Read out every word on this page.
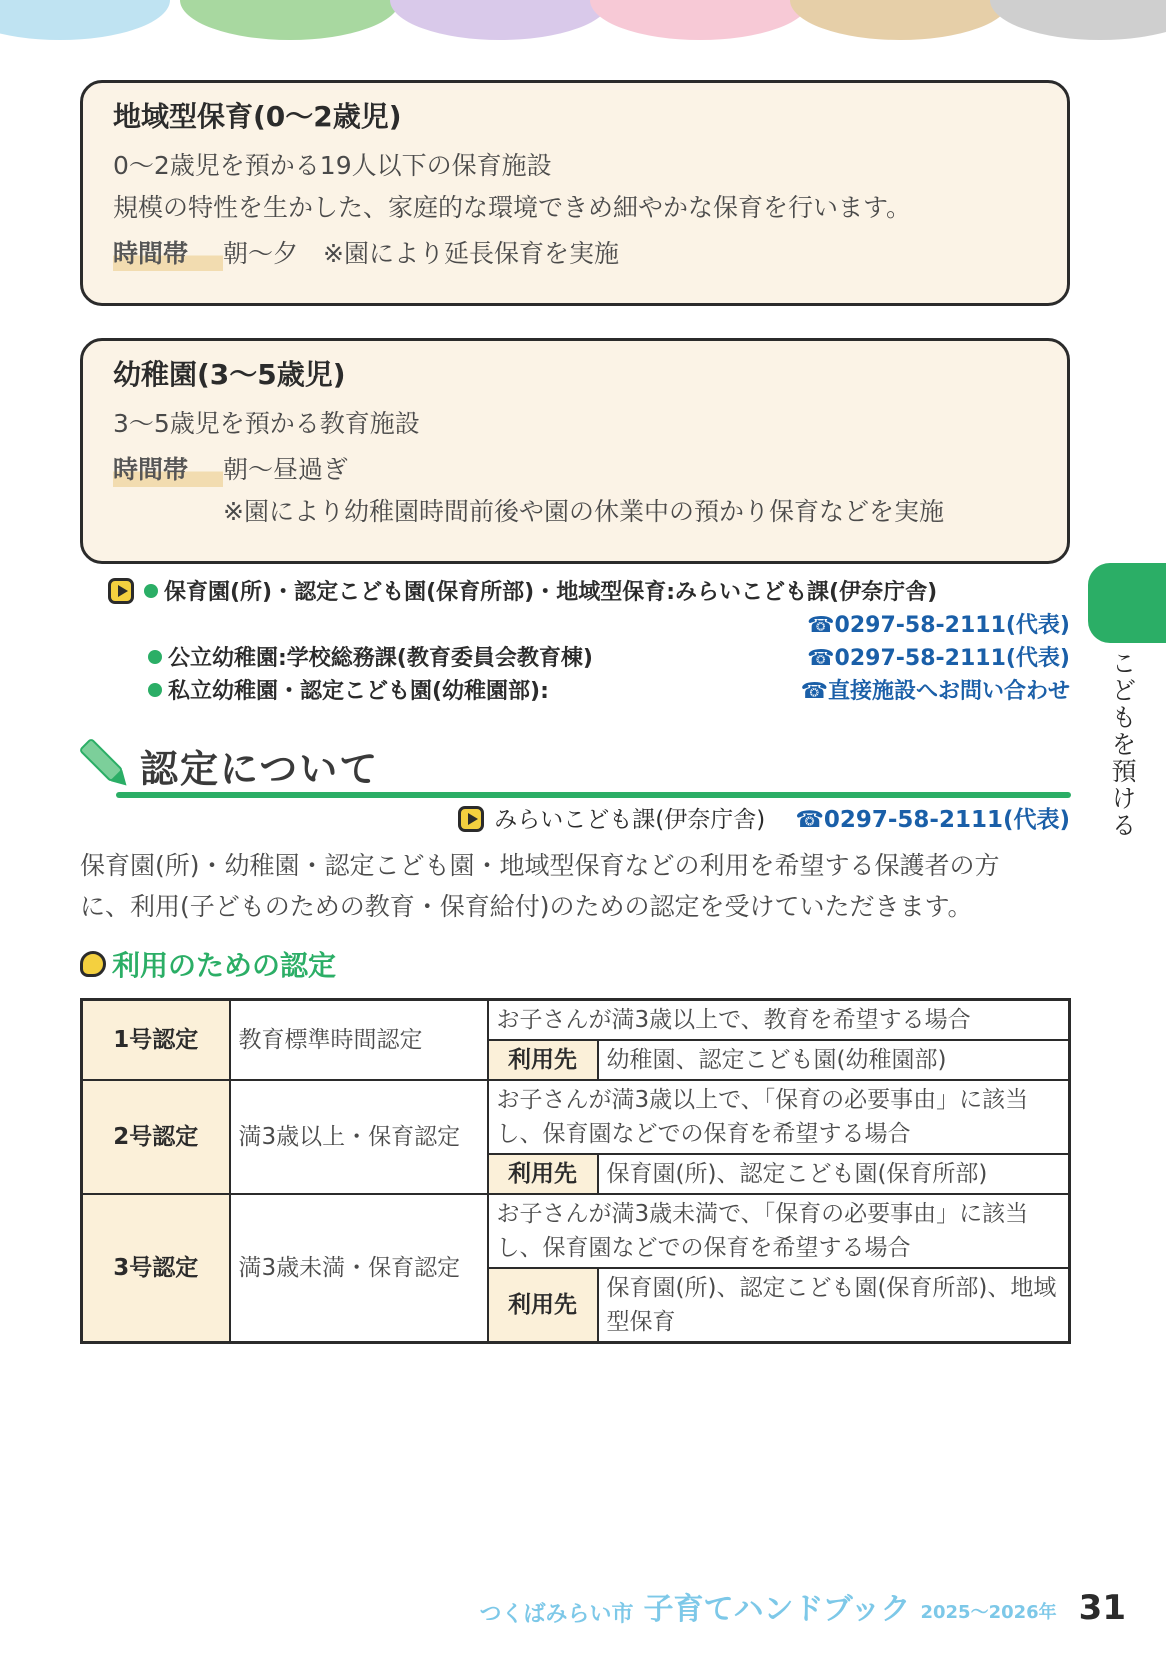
地域型保育(0〜2歳児)
0〜2歳児を預かる19人以下の保育施設
規模の特性を生かした、家庭的な環境できめ細やかな保育を行います。
時間帯	朝〜夕　※園により延長保育を実施
幼稚園(3〜5歳児)
3〜5歳児を預かる教育施設
時間帯	朝〜昼過ぎ
※園により幼稚園時間前後や園の休業中の預かり保育などを実施
保育園(所)・認定こども園(保育所部)・地域型保育:みらいこども課(伊奈庁舎)
☎0297-58-2111(代表)
公立幼稚園:学校総務課(教育委員会教育棟)	☎0297-58-2111(代表)
私立幼稚園・認定こども園(幼稚園部):	☎直接施設へお問い合わせ こどもを預ける
認定について
みらいこども課(伊奈庁舎) ☎0297-58-2111(代表)
保育園(所)・幼稚園・認定こども園・地域型保育などの利用を希望する保護者の方
に、利用(子どものための教育・保育給付)のための認定を受けていただきます。
利用のための認定
1号認定	教育標準時間認定	お子さんが満3歳以上で、教育を希望する場合	
		利用先	幼稚園、認定こども園(幼稚園部)
2号認定	満3歳以上・保育認定	お子さんが満3歳以上で、「保育の必要事由」に該当し、保育園などでの保育を希望する場合	
		利用先	保育園(所)、認定こども園(保育所部)
3号認定	満3歳未満・保育認定	お子さんが満3歳未満で、「保育の必要事由」に該当し、保育園などでの保育を希望する場合	
		利用先	保育園(所)、認定こども園(保育所部)、地域型保育
つくばみらい市 子育てハンドブック 2025〜2026年 31
